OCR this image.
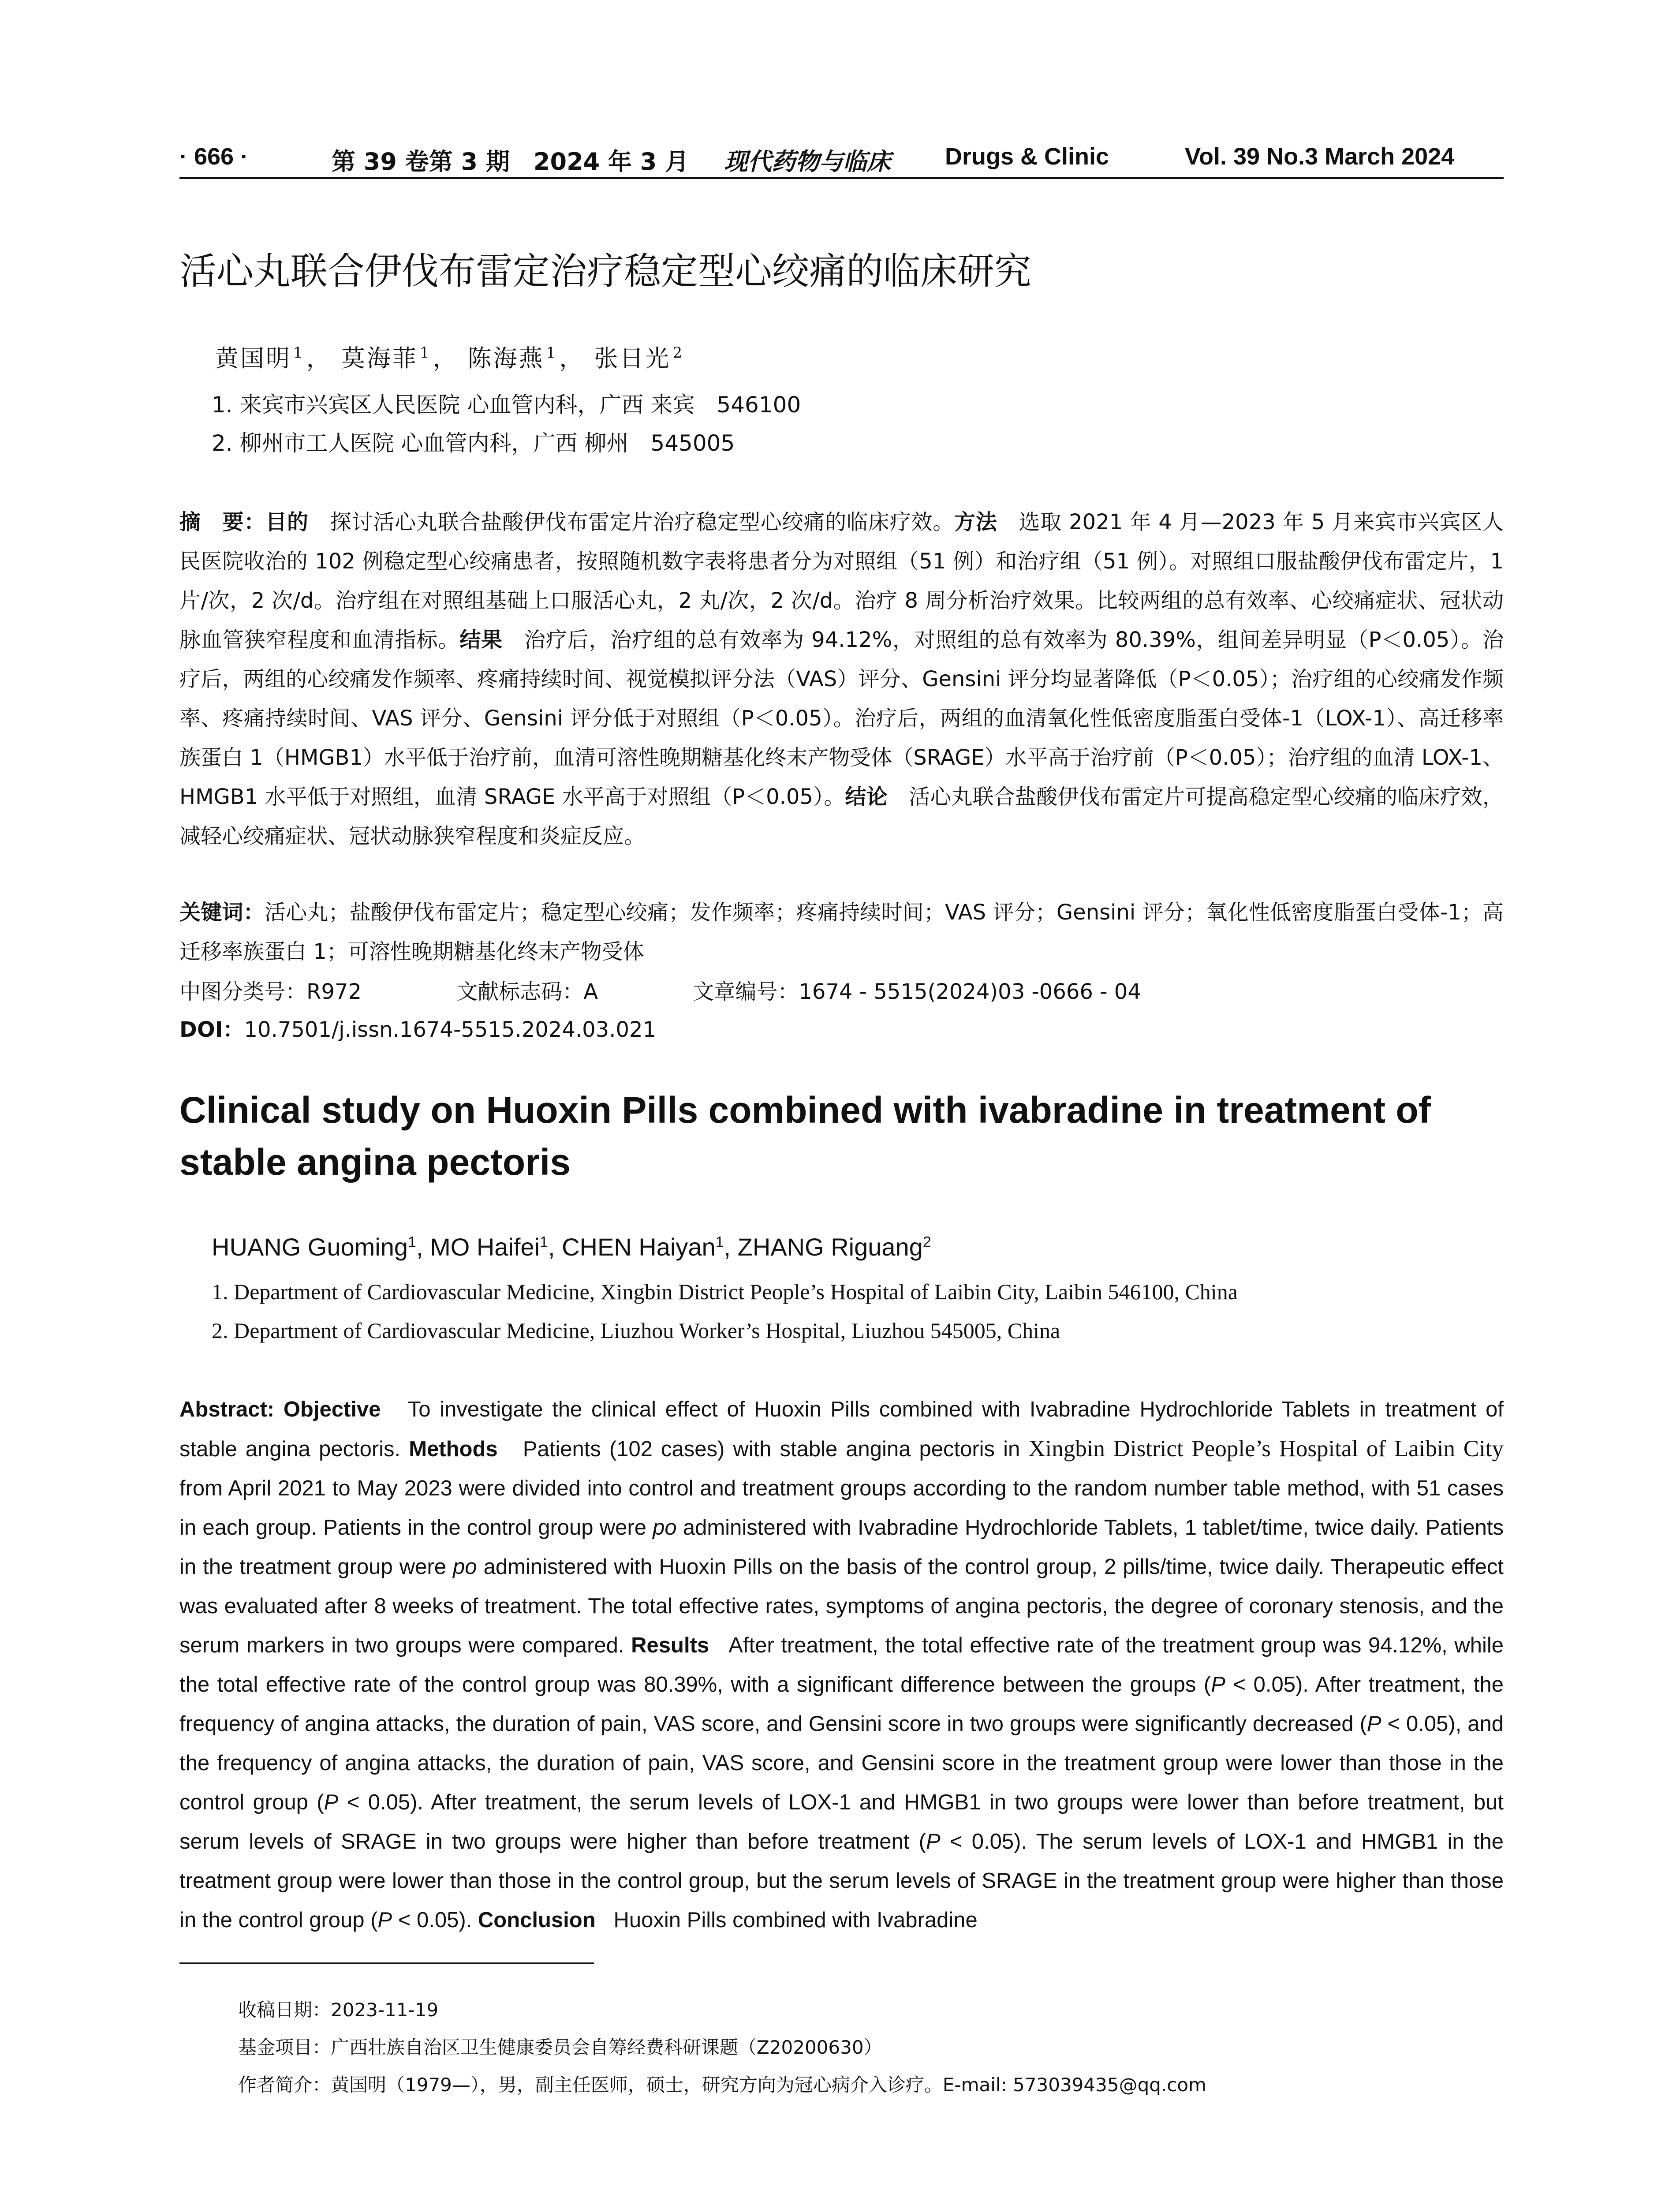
· 666 ·	第 39 卷第 3 期　2024 年 3 月 现代药物与临床 Drugs & Clinic	Vol. 39 No.3 March 2024
活心丸联合伊伐布雷定治疗稳定型心绞痛的临床研究
黄国明 $^1$， 莫海菲 $^1$， 陈海燕 $^1$， 张日光 $^2$
1. 来宾市兴宾区人民医院 心血管内科，广西 来宾　546100
2. 柳州市工人医院 心血管内科，广西 柳州　545005
摘　要：目的　 探讨活心丸联合盐酸伊伐布雷定片治疗稳定型心绞痛的临床疗效。方法　 选取 2021 年 4 月—2023 年 5 月来宾市兴宾区人民医院收治的 102 例稳定型心绞痛患者，按照随机数字表将患者分为对照组（51 例）和治疗组（51 例）。对照组口服盐酸伊伐布雷定片，1 片/次，2 次/d。治疗组在对照组基础上口服活心丸，2 丸/次，2 次/d。治疗 8 周分析治疗效果。比较两组的总有效率、心绞痛症状、冠状动脉血管狭窄程度和血清指标。结果　 治疗后，治疗组的总有效率为 94.12%，对照组的总有效率为 80.39%，组间差异明显（P＜0.05）。治疗后，两组的心绞痛发作频率、疼痛持续时间、视觉模拟评分法（VAS）评分、Gensini 评分均显著降低（P＜0.05）；治疗组的心绞痛发作频率、疼痛持续时间、VAS 评分、Gensini 评分低于对照组（P＜0.05）。治疗后，两组的血清氧化性低密度脂蛋白受体-1（LOX-1）、高迁移率族蛋白 1（HMGB1）水平低于治疗前，血清可溶性晚期糖基化终末产物受体（SRAGE）水平高于治疗前（P＜0.05）；治疗组的血清 LOX-1、HMGB1 水平低于对照组，血清 SRAGE 水平高于对照组（P＜0.05）。结论　 活心丸联合盐酸伊伐布雷定片可提高稳定型心绞痛的临床疗效，减轻心绞痛症状、冠状动脉狭窄程度和炎症反应。
关键词：活心丸；盐酸伊伐布雷定片；稳定型心绞痛；发作频率；疼痛持续时间；VAS 评分；Gensini 评分；氧化性低密度脂蛋白受体-1；高迁移率族蛋白 1；可溶性晚期糖基化终末产物受体
中图分类号：R972	文献标志码：A	文章编号：1674 - 5515(2024)03 -0666 - 04
DOI：10.7501/j.issn.1674-5515.2024.03.021
Clinical study on Huoxin Pills combined with ivabradine in treatment of stable angina pectoris
HUANG Guoming$^1$, MO Haifei$^1$, CHEN Haiyan$^1$, ZHANG Riguang$^2$
1. Department of Cardiovascular Medicine, Xingbin District People’s Hospital of Laibin City, Laibin 546100, China
2. Department of Cardiovascular Medicine, Liuzhou Worker’s Hospital, Liuzhou 545005, China
Abstract: Objective To investigate the clinical effect of Huoxin Pills combined with Ivabradine Hydrochloride Tablets in treatment of stable angina pectoris. Methods Patients (102 cases) with stable angina pectoris in Xingbin District People’s Hospital of Laibin City from April 2021 to May 2023 were divided into control and treatment groups according to the random number table method, with 51 cases in each group. Patients in the control group were po administered with Ivabradine Hydrochloride Tablets, 1 tablet/time, twice daily. Patients in the treatment group were po administered with Huoxin Pills on the basis of the control group, 2 pills/time, twice daily. Therapeutic effect was evaluated after 8 weeks of treatment. The total effective rates, symptoms of angina pectoris, the degree of coronary stenosis, and the serum markers in two groups were compared. Results After treatment, the total effective rate of the treatment group was 94.12%, while the total effective rate of the control group was 80.39%, with a significant difference between the groups (P < 0.05). After treatment, the frequency of angina attacks, the duration of pain, VAS score, and Gensini score in two groups were significantly decreased (P < 0.05), and the frequency of angina attacks, the duration of pain, VAS score, and Gensini score in the treatment group were lower than those in the control group (P < 0.05). After treatment, the serum levels of LOX-1 and HMGB1 in two groups were lower than before treatment, but serum levels of SRAGE in two groups were higher than before treatment (P < 0.05). The serum levels of LOX-1 and HMGB1 in the treatment group were lower than those in the control group, but the serum levels of SRAGE in the treatment group were higher than those in the control group (P < 0.05). Conclusion Huoxin Pills combined with Ivabradine
收稿日期：2023-11-19
基金项目：广西壮族自治区卫生健康委员会自筹经费科研课题（Z20200630）
作者简介：黄国明（1979—），男，副主任医师，硕士，研究方向为冠心病介入诊疗。E-mail: 573039435@qq.com
